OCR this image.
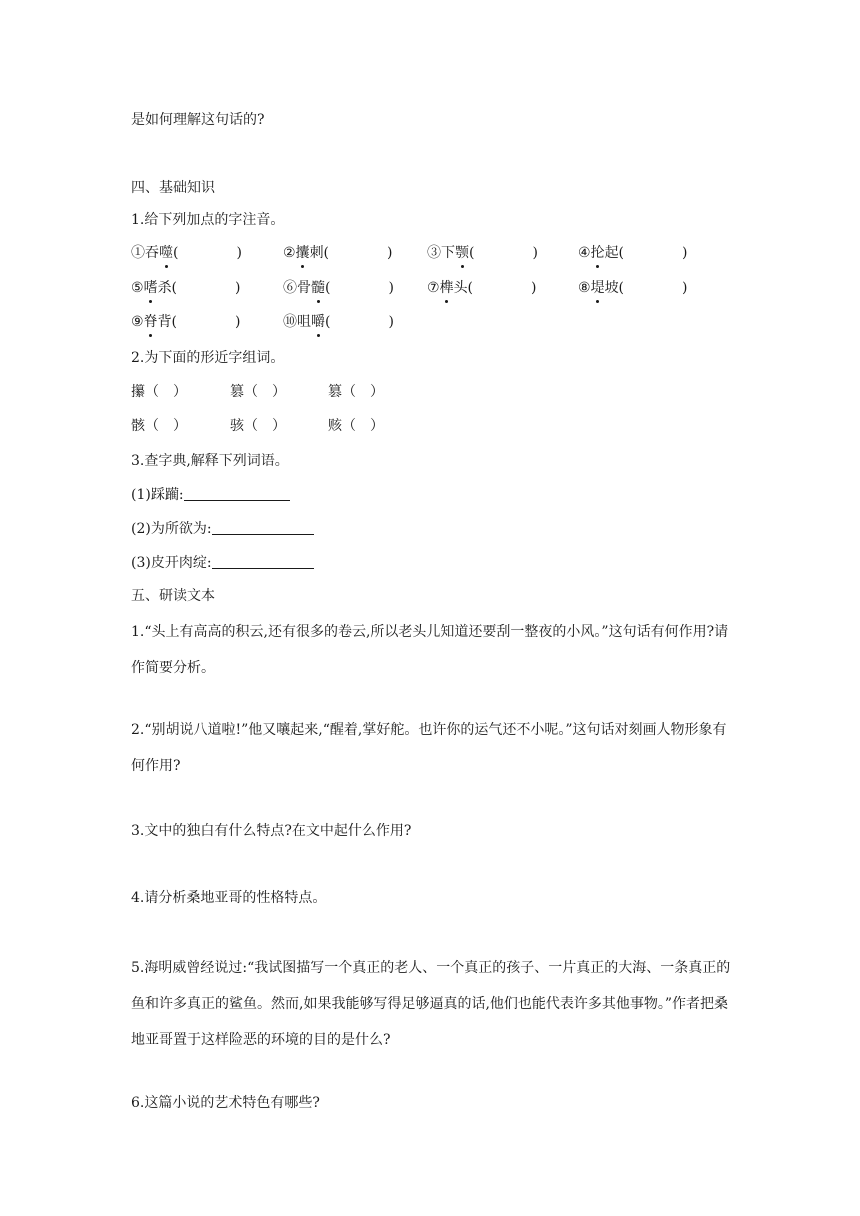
是如何理解这句话的?
四、基础知识
1.给下列加点的字注音。
①吞噬(	)	②攮刺(	) ③下颚(	)	④抡起(	)
⑤嗜杀(	)	⑥骨髓(	) ⑦榫头(	)	⑧堤坡(	)
⑨脊背(	)	⑩咀嚼(	)
2.为下面的形近字组词。
攥（　）	篡（　）	篡（　）
骸（　）	骇（　）	赅（　）
3.查字典,解释下列词语。
(1)踩躏:
(2)为所欲为:
(3)皮开肉绽:
五、研读文本
1.“头上有高高的积云,还有很多的卷云,所以老头儿知道还要刮一整夜的小风。”这句话有何作用?请作简要分析。
2.“别胡说八道啦!”他又嚷起来,“醒着,掌好舵。也许你的运气还不小呢。”这句话对刻画人物形象有何作用?
3.文中的独白有什么特点?在文中起什么作用?
4.请分析桑地亚哥的性格特点。
5.海明威曾经说过:“我试图描写一个真正的老人、一个真正的孩子、一片真正的大海、一条真正的鱼和许多真正的鲨鱼。然而,如果我能够写得足够逼真的话,他们也能代表许多其他事物。”作者把桑地亚哥置于这样险恶的环境的目的是什么?
6.这篇小说的艺术特色有哪些?
